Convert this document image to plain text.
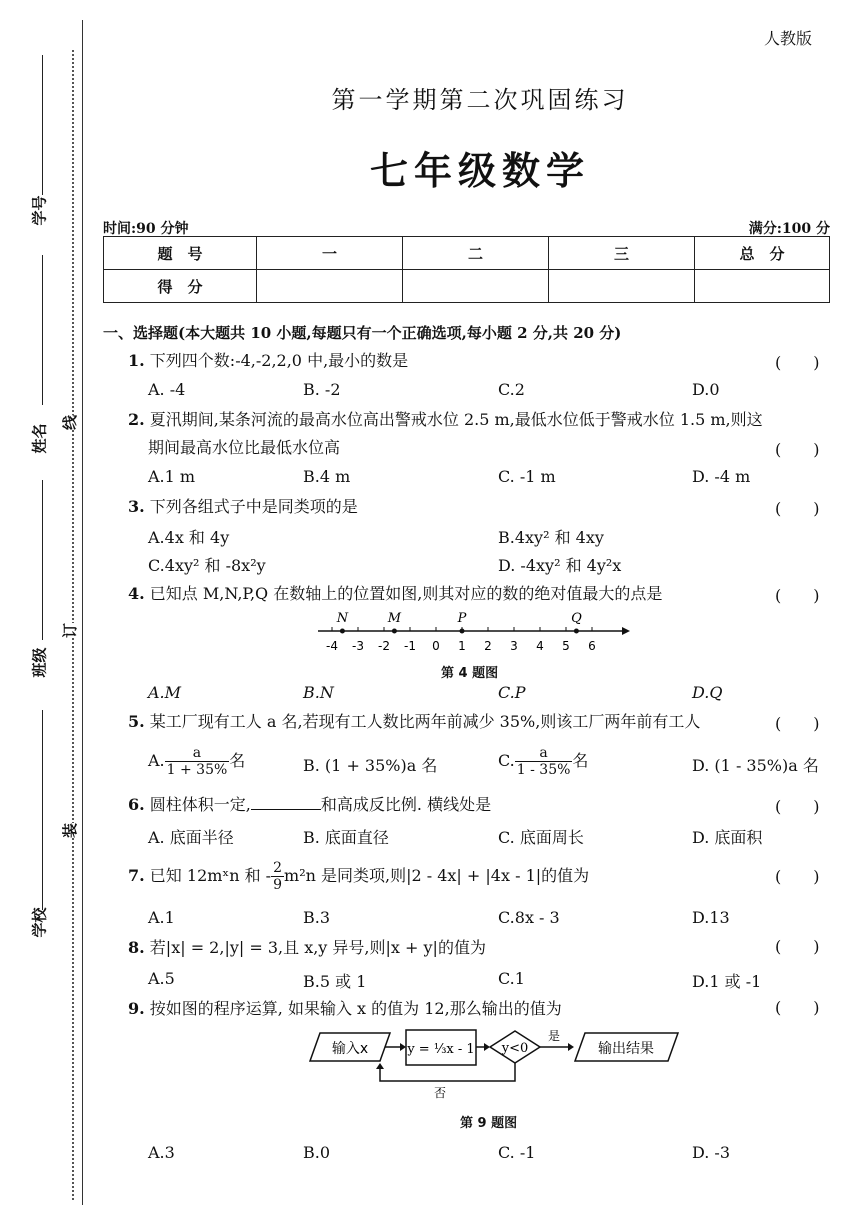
学号
姓名
班级
学校
线
订
装
人教版
第一学期第二次巩固练习
七年级数学
时间:90 分钟	满分:100 分
题　号	一	二	三	总　分
得　分				
一、选择题(本大题共 10 小题,每题只有一个正确选项,每小题 2 分,共 20 分)
1. 下列四个数:-4,-2,2,0 中,最小的数是	(　　)
A. -4	B. -2	C.2	D.0
2. 夏汛期间,某条河流的最高水位高出警戒水位 2.5 m,最低水位低于警戒水位 1.5 m,则这
期间最高水位比最低水位高	(　　)
A.1 m	B.4 m	C. -1 m	D. -4 m
3. 下列各组式子中是同类项的是	(　　)
A.4x 和 4y	B.4xy² 和 4xy
C.4xy² 和 -8x²y	D. -4xy² 和 4y²x
4. 已知点 M,N,P,Q 在数轴上的位置如图,则其对应的数的绝对值最大的点是	(　　)
-4 -3 -2 -1 0 1 2 3 4 5 6
N	M	P	Q
第 4 题图
A.M	B.N	C.P	D.Q
5. 某工厂现有工人 a 名,若现有工人数比两年前减少 35%,则该工厂两年前有工人	(　　)
A. $\frac{a}{1 + 35\%}$ 名	B. (1 + 35%)a 名	C. $\frac{a}{1 - 35\%}$ 名	D. (1 - 35%)a 名
6. 圆柱体积一定,	和高成反比例. 横线处是	(　　)
A. 底面半径	B. 底面直径	C. 底面周长	D. 底面积
7. 已知 12mˣn 和 - $\frac{2}{9} m^2n$ 是同类项,则|2 - 4x| + |4x - 1|的值为	(　　)
A.1	B.3	C.8x - 3	D.13
8. 若|x| = 2,|y| = 3,且 x,y 异号,则|x + y|的值为	(　　)
A.5	B.5 或 1	C.1	D.1 或 -1
9. 按如图的程序运算, 如果输入 x 的值为 12,那么输出的值为	(　　)
输入x	y = ⅓x - 1 y<0
是
输出结果
否
第 9 题图
A.3	B.0	C. -1	D. -3
